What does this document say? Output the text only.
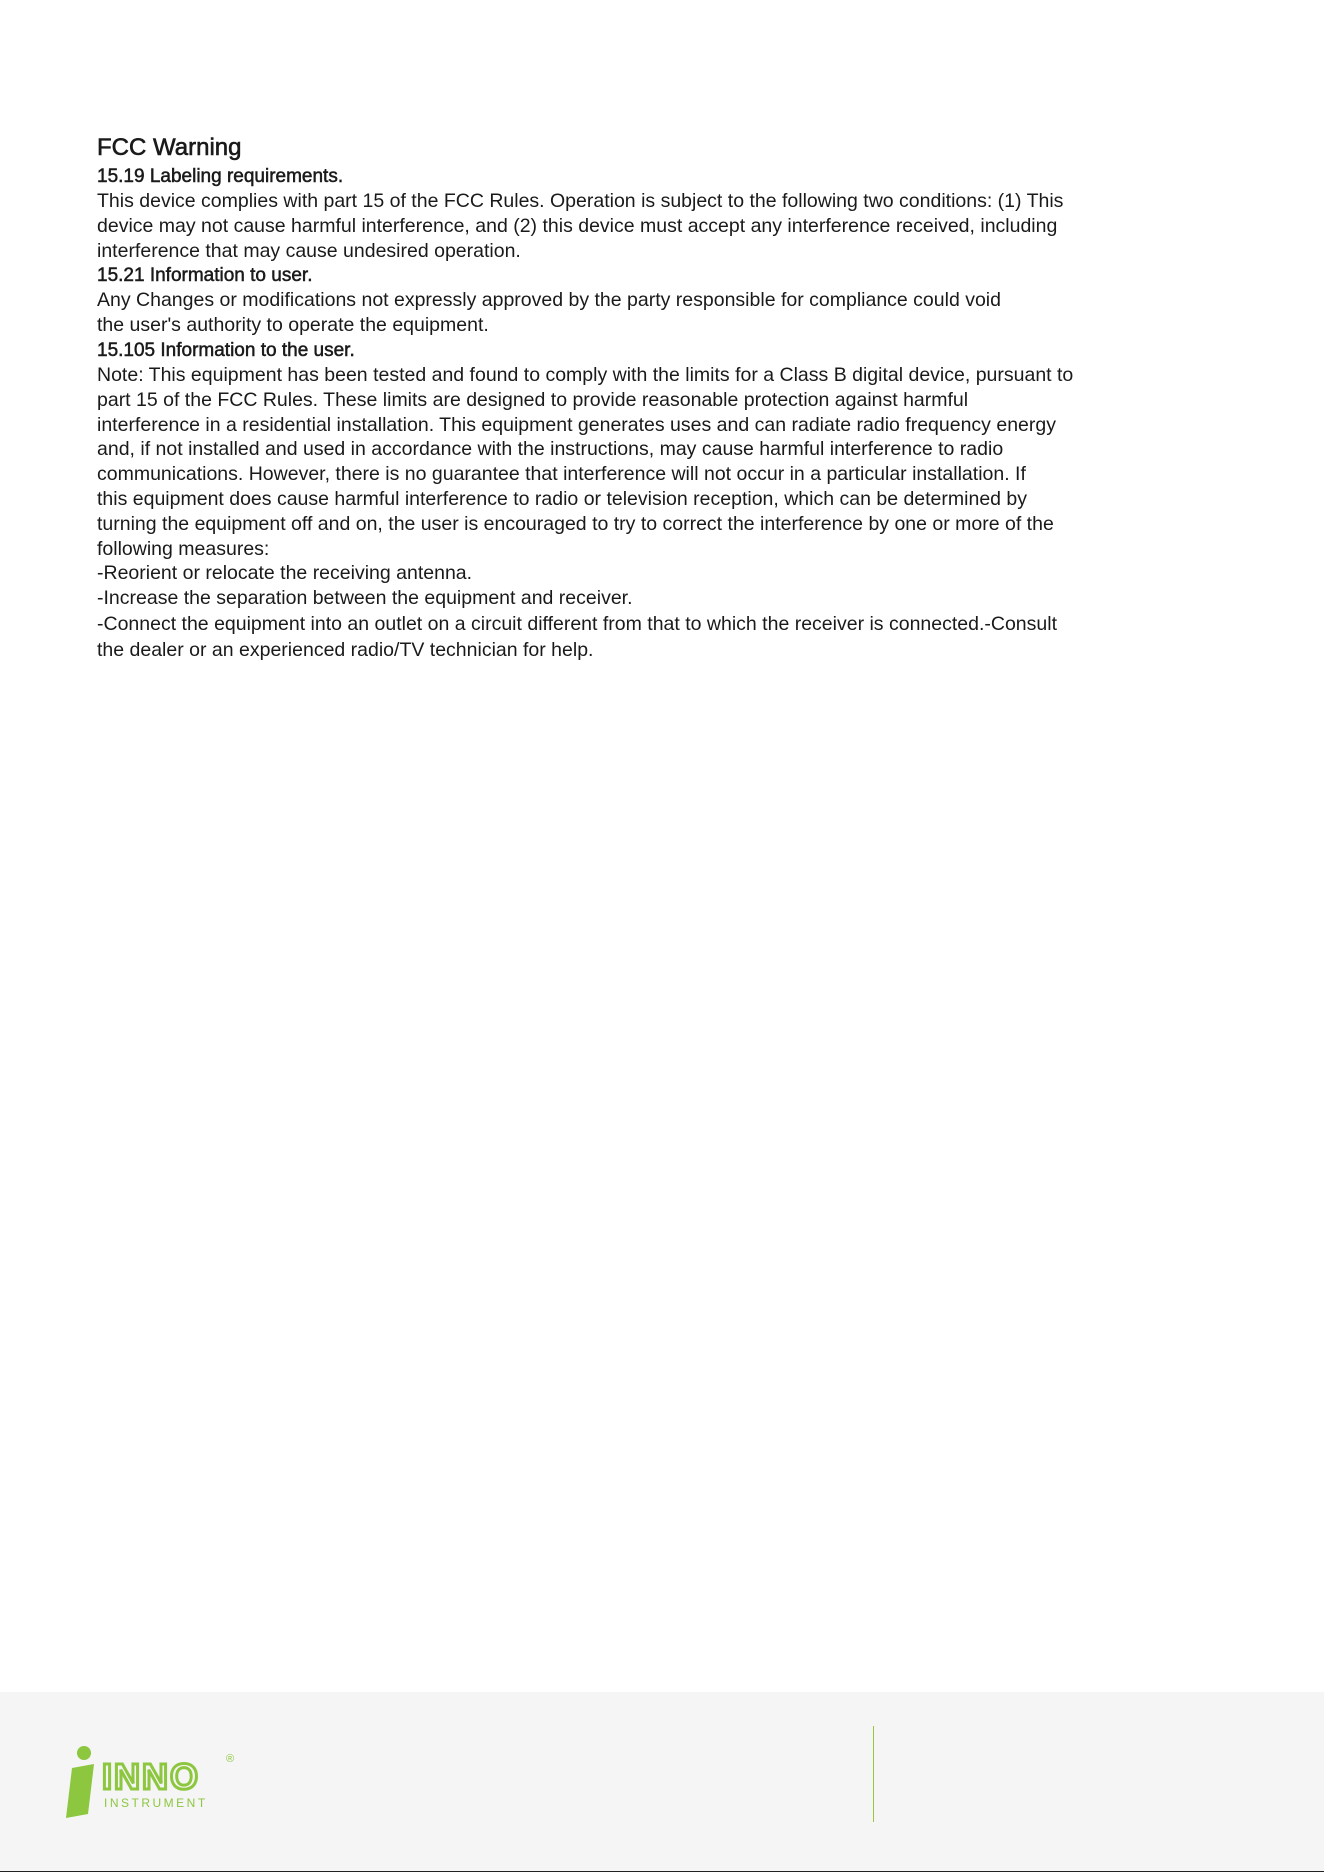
FCC Warning
15.19 Labeling requirements.

This device complies with part 15 of the FCC Rules. Operation is subject to the following two conditions: (1) This
device may not cause harmful interference, and (2) this device must accept any interference received, including
interference that may cause undesired operation.

15.21 Information to user.

Any Changes or modifications not expressly approved by the party responsible for compliance could void
the user's authority to operate the equipment.

15.105 Information to the user.

Note: This equipment has been tested and found to comply with the limits for a Class B digital device, pursuant to
part 15 of the FCC Rules. These limits are designed to provide reasonable protection against harmful
interference in a residential installation. This equipment generates uses and can radiate radio frequency energy
and, if not installed and used in accordance with the instructions, may cause harmful interference to radio
communications. However, there is no guarantee that interference will not occur in a particular installation. If
this equipment does cause harmful interference to radio or television reception, which can be determined by
turning the equipment off and on, the user is encouraged to try to correct the interference by one or more of the
following measures:

-Reorient or relocate the receiving antenna.

-Increase the separation between the equipment and receiver.

-Connect the equipment into an outlet on a circuit different from that to which the receiver is connected.-Consult
the dealer or an experienced radio/TV technician for help.

INNO
INSTRUMENT
®
